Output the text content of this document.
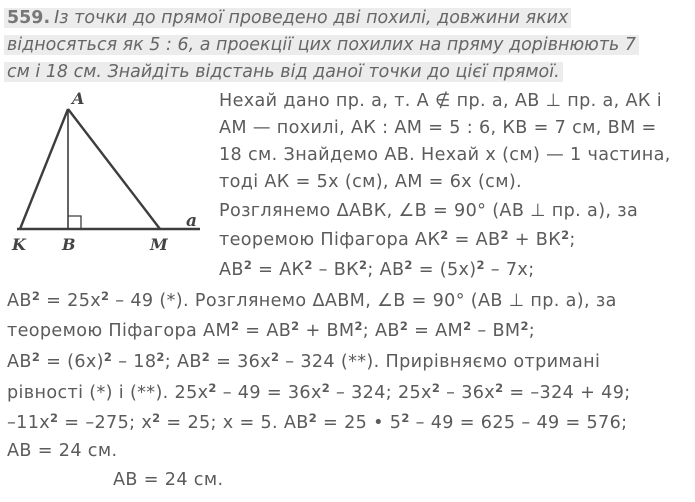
559. Із точки до прямої проведено дві похилі, довжини яких
відносяться як 5 : 6, а проекції цих похилих на пряму дорівнюють 7
см і 18 см. Знайдіть відстань від даної точки до цієї прямої.
A
K B	M
a
Нехай дано пр. а, т. А ∉ пр. а, АВ ⊥ пр. а, АК і
АМ — похилі, АК : АМ = 5 : 6, КВ = 7 см, ВМ =
18 см. Знайдемо АВ. Нехай х (см) — 1 частина,
тоді АК = 5х (см), АМ = 6х (см).
Розглянемо ΔАВК, ∠В = 90° (АВ ⊥ пр. а), за
теоремою Піфагора $АК^2 = АВ^2 + ВК^2$;
$АВ^2 = АК^2 - ВК^2$; $АВ^2 = (5х)^2 - 7х$;
$АВ^2 = 25х^2 - 49$ (*). Розглянемо ΔАВМ, ∠В = 90° (АВ ⊥ пр. а), за
теоремою Піфагора $АМ^2 = АВ^2 + ВМ^2$; $АВ^2 = АМ^2 - ВМ^2$;
$АВ^2 = (6х)^2 - 18^2$; $АВ^2 = 36х^2 - 324$ (**). Прирівняємо отримані
рівності (*) і (**). $25х^2 - 49 = 36х^2 - 324$; $25х^2 - 36х^2 = -324 + 49$;
$-11х^2 = -275$; $х^2 = 25$; х = 5. $АВ^2 = 25$ • $5^2 - 49 = 625 - 49 = 576$;
АВ = 24 см.
АВ = 24 см.
